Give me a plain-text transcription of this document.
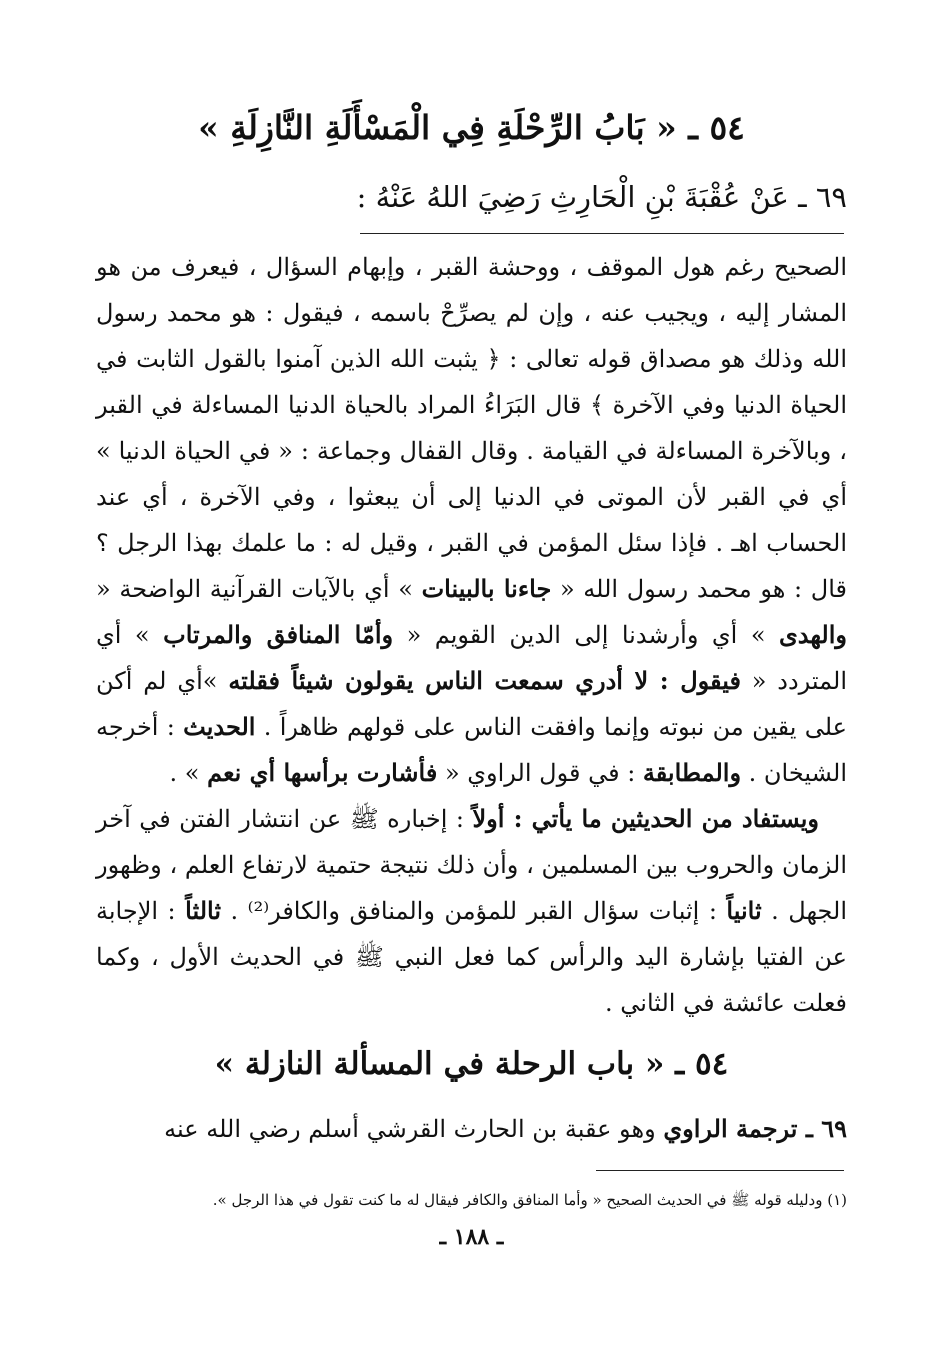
٥٤ ـ « بَابُ الرِّحْلَةِ فِي الْمَسْأَلَةِ النَّازِلَةِ »
٦٩ ـ عَنْ عُقْبَةَ بْنِ الْحَارِثِ رَضِيَ اللهُ عَنْهُ :

الصحيح رغم هول الموقف ، ووحشة القبر ، وإبهام السؤال ، فيعرف من هو المشار إليه ، ويجيب عنه ، وإن لم يصرِّحْ باسمه ، فيقول : هو محمد رسول الله وذلك هو مصداق قوله تعالى : ﴿ يثبت الله الذين آمنوا بالقول الثابت في الحياة الدنيا وفي الآخرة ﴾ قال البَرَاءُ المراد بالحياة الدنيا المساءلة في القبر ، وبالآخرة المساءلة في القيامة . وقال القفال وجماعة : « في الحياة الدنيا » أي في القبر لأن الموتى في الدنيا إلى أن يبعثوا ، وفي الآخرة ، أي عند الحساب اهـ . فإذا سئل المؤمن في القبر ، وقيل له : ما علمك بهذا الرجل ؟ قال : هو محمد رسول الله « جاءنا بالبينات » أي بالآيات القرآنية الواضحة « والهدى » أي وأرشدنا إلى الدين القويم « وأمّا المنافق والمرتاب » أي المتردد « فيقول : لا أدري سمعت الناس يقولون شيئاً فقلته »أي لم أكن على يقين من نبوته وإنما وافقت الناس على قولهم ظاهراً . الحديث : أخرجه الشيخان . والمطابقة : في قول الراوي « فأشارت برأسها أي نعم » .

ويستفاد من الحديثين ما يأتي : أولاً : إخباره ﷺ عن انتشار الفتن في آخر الزمان والحروب بين المسلمين ، وأن ذلك نتيجة حتمية لارتفاع العلم ، وظهور الجهل . ثانياً : إثبات سؤال القبر للمؤمن والمنافق والكافر⁽²⁾ . ثالثاً : الإجابة عن الفتيا بإشارة اليد والرأس كما فعل النبي ﷺ في الحديث الأول ، وكما فعلت عائشة في الثاني .

٥٤ ـ « باب الرحلة في المسألة النازلة »
٦٩ ـ ترجمة الراوي وهو عقبة بن الحارث القرشي أسلم رضي الله عنه
(١) ودليله قوله ﷺ في الحديث الصحيح « وأما المنافق والكافر فيقال له ما كنت تقول في هذا الرجل ».
ـ ١٨٨ ـ
